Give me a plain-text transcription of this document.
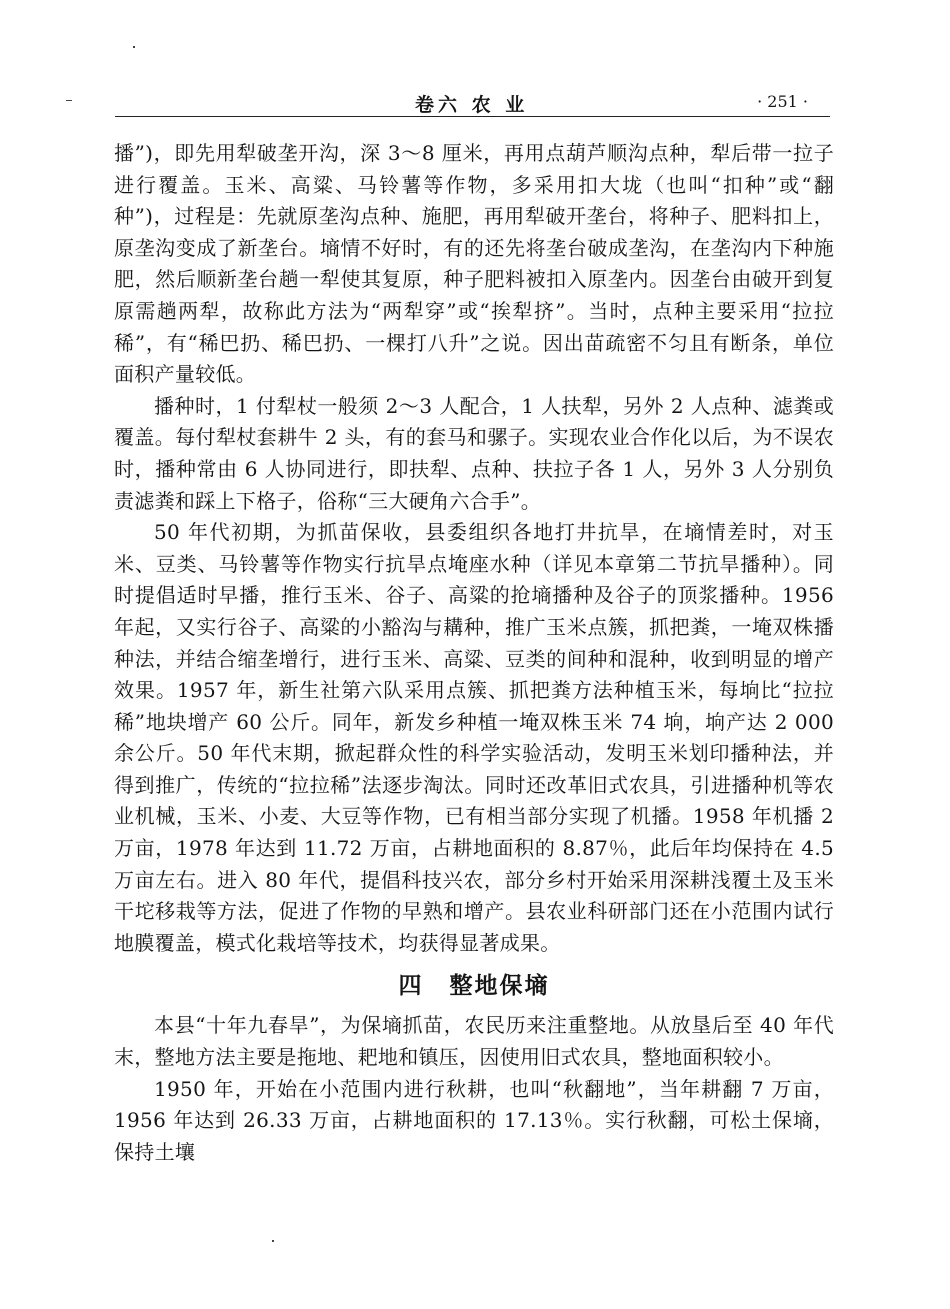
卷六 农 业	· 251 ·

播”)，即先用犁破垄开沟，深 3～8 厘米，再用点葫芦顺沟点种，犁后带一拉子进行覆盖。玉米、高粱、马铃薯等作物，多采用扣大垅（也叫“扣种”或“翻种”)，过程是：先就原垄沟点种、施肥，再用犁破开垄台，将种子、肥料扣上，原垄沟变成了新垄台。墒情不好时，有的还先将垄台破成垄沟，在垄沟内下种施肥，然后顺新垄台趟一犁使其复原，种子肥料被扣入原垄内。因垄台由破开到复原需趟两犁，故称此方法为“两犁穿”或“挨犁挤”。当时，点种主要采用“拉拉稀”，有“稀巴扔、稀巴扔、一棵打八升”之说。因出苗疏密不匀且有断条，单位面积产量较低。

播种时，1 付犁杖一般须 2～3 人配合，1 人扶犁，另外 2 人点种、滤粪或覆盖。每付犁杖套耕牛 2 头，有的套马和骡子。实现农业合作化以后，为不误农时，播种常由 6 人协同进行，即扶犁、点种、扶拉子各 1 人，另外 3 人分别负责滤粪和踩上下格子，俗称“三大硬角六合手”。

50 年代初期，为抓苗保收，县委组织各地打井抗旱，在墒情差时，对玉米、豆类、马铃薯等作物实行抗旱点埯座水种（详见本章第二节抗旱播种）。同时提倡适时早播，推行玉米、谷子、高粱的抢墒播种及谷子的顶浆播种。1956 年起，又实行谷子、高粱的小豁沟与耩种，推广玉米点簇，抓把粪，一埯双株播种法，并结合缩垄增行，进行玉米、高粱、豆类的间种和混种，收到明显的增产效果。1957 年，新生社第六队采用点簇、抓把粪方法种植玉米，每垧比“拉拉稀”地块增产 60 公斤。同年，新发乡种植一埯双株玉米 74 垧，垧产达 2 000 余公斤。50 年代末期，掀起群众性的科学实验活动，发明玉米划印播种法，并得到推广，传统的“拉拉稀”法逐步淘汰。同时还改革旧式农具，引进播种机等农业机械，玉米、小麦、大豆等作物，已有相当部分实现了机播。1958 年机播 2 万亩，1978 年达到 11.72 万亩，占耕地面积的 8.87％，此后年均保持在 4.5 万亩左右。进入 80 年代，提倡科技兴农，部分乡村开始采用深耕浅覆土及玉米干坨移栽等方法，促进了作物的早熟和增产。县农业科研部门还在小范围内试行地膜覆盖，模式化栽培等技术，均获得显著成果。

四 整地保墒

本县“十年九春旱”，为保墒抓苗，农民历来注重整地。从放垦后至 40 年代末，整地方法主要是拖地、耙地和镇压，因使用旧式农具，整地面积较小。

1950 年，开始在小范围内进行秋耕，也叫“秋翻地”，当年耕翻 7 万亩，1956 年达到 26.33 万亩，占耕地面积的 17.13％。实行秋翻，可松土保墒，保持土壤
